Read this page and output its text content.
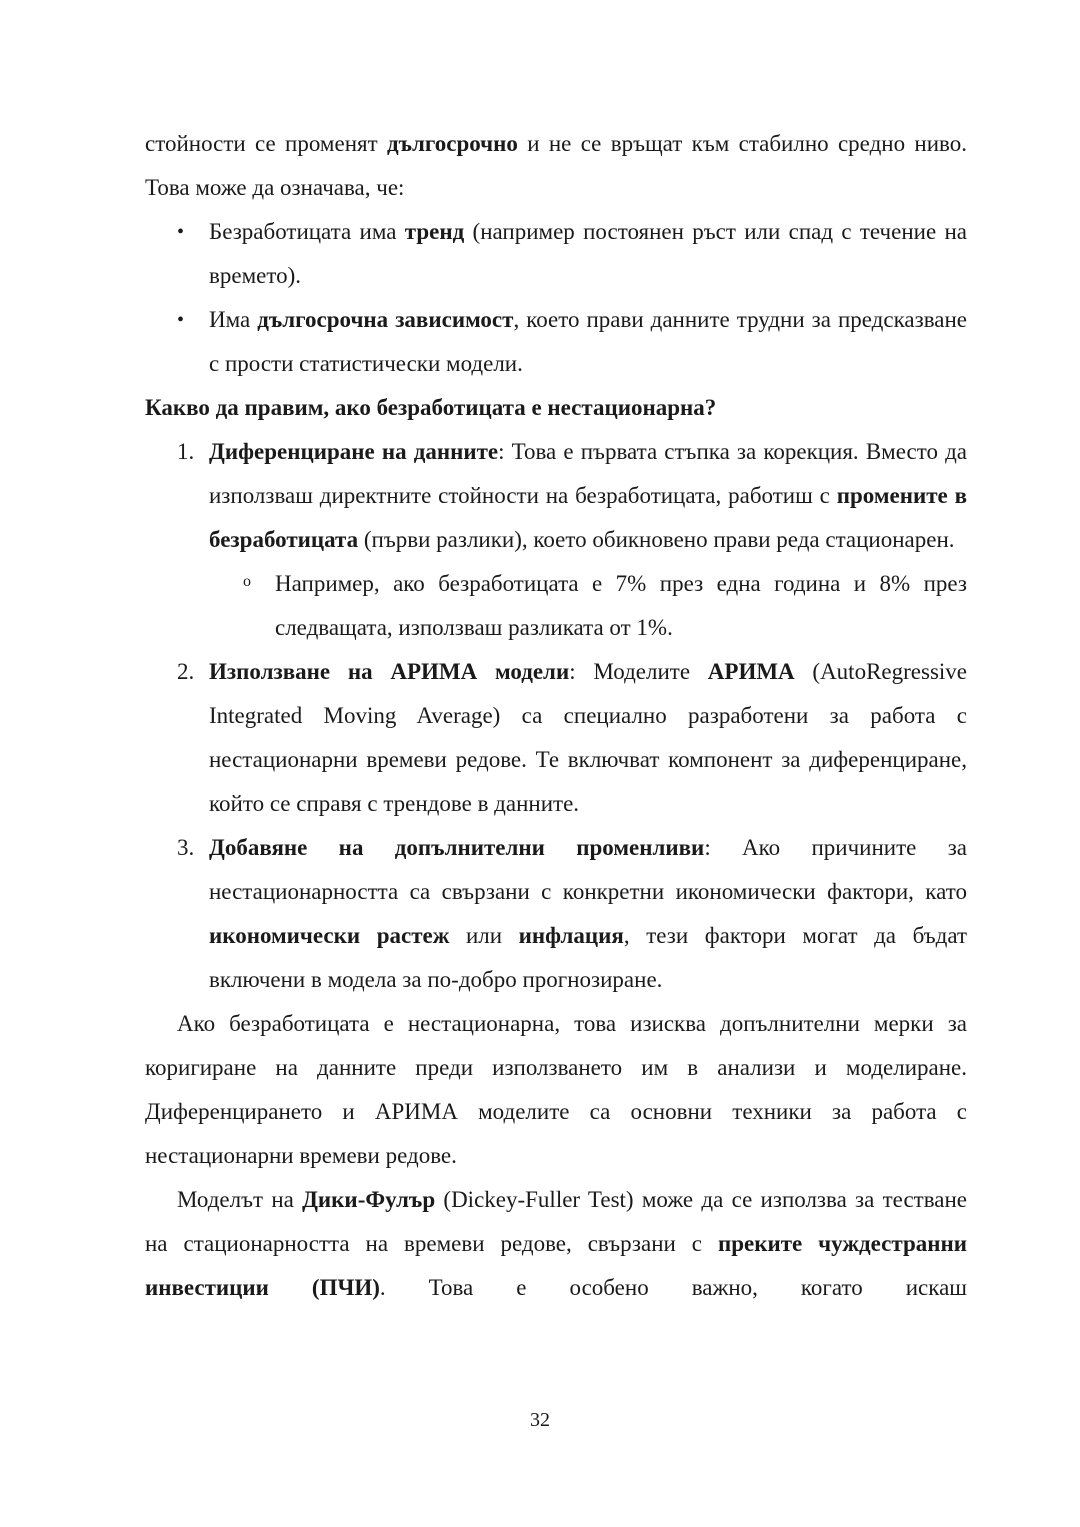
стойности се променят дългосрочно и не се връщат към стабилно средно ниво. Това може да означава, че:

• Безработицата има тренд (например постоянен ръст или спад с течение на времето).
• Има дългосрочна зависимост, което прави данните трудни за предсказване с прости статистически модели.

Какво да правим, ако безработицата е нестационарна?

1. Диференциране на данните: Това е първата стъпка за корекция. Вместо да използваш директните стойности на безработицата, работиш с промените в безработицата (първи разлики), което обикновено прави реда стационарен.
o Например, ако безработицата е 7% през една година и 8% през следващата, използваш разликата от 1%.
2. Използване на АРИМА модели: Моделите АРИМА (AutoRegressive Integrated Moving Average) са специално разработени за работа с нестационарни времеви редове. Те включват компонент за диференциране, който се справя с трендове в данните.
3. Добавяне на допълнителни променливи: Ако причините за нестационарността са свързани с конкретни икономически фактори, като икономически растеж или инфлация, тези фактори могат да бъдат включени в модела за по-добро прогнозиране.

Ако безработицата е нестационарна, това изисква допълнителни мерки за коригиране на данните преди използването им в анализи и моделиране. Диференцирането и АРИМА моделите са основни техники за работа с нестационарни времеви редове.

Моделът на Дики-Фулър (Dickey-Fuller Test) може да се използва за тестване на стационарността на времеви редове, свързани с преките чуждестранни инвестиции (ПЧИ). Това е особено важно, когато искаш

32
